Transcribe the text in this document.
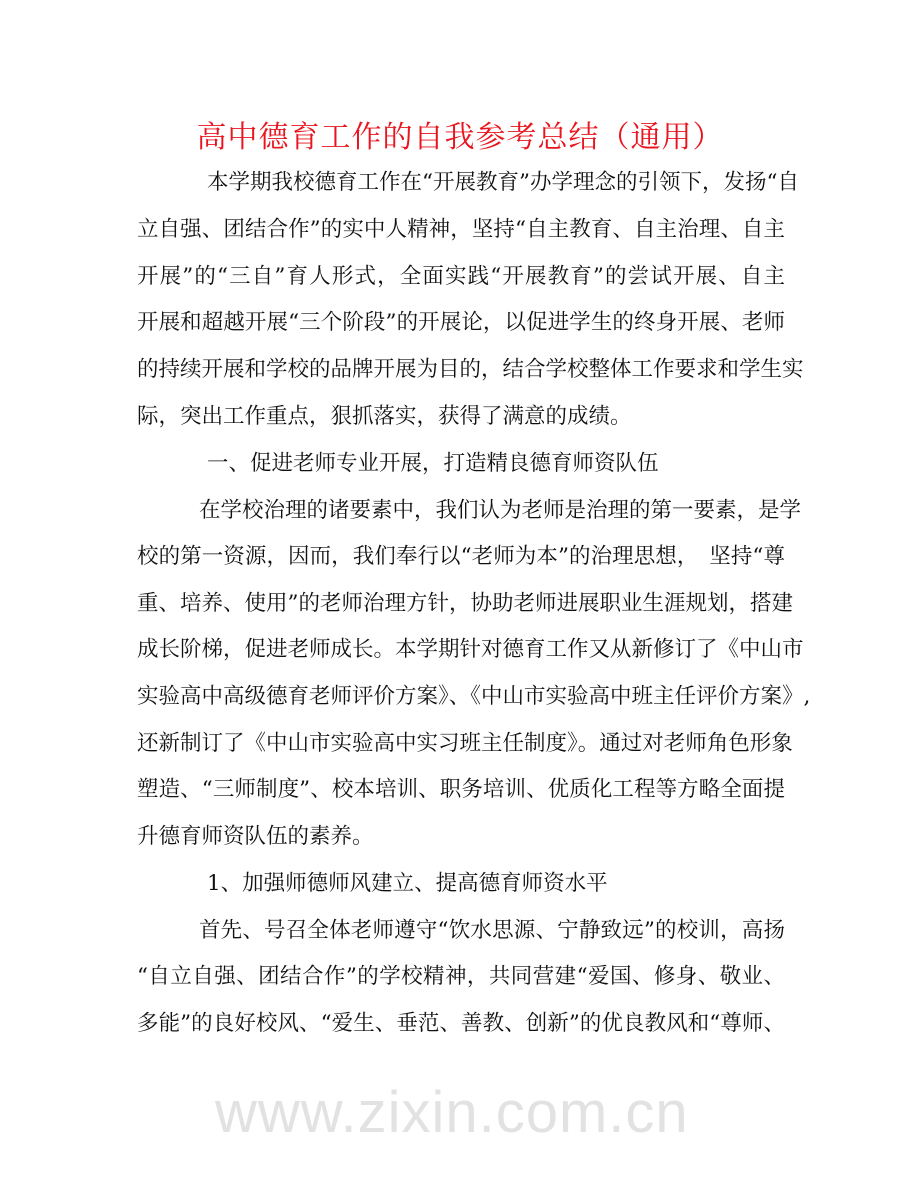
高中德育工作的自我参考总结（通用）
本学期我校德育工作在“开展教育”办学理念的引领下，发扬“自
立自强、团结合作”的实中人精神，坚持“自主教育、自主治理、自主
开展”的“三自”育人形式，全面实践“开展教育”的尝试开展、自主
开展和超越开展“三个阶段”的开展论，以促进学生的终身开展、老师
的持续开展和学校的品牌开展为目的，结合学校整体工作要求和学生实
际，突出工作重点，狠抓落实，获得了满意的成绩。
一、促进老师专业开展，打造精良德育师资队伍
在学校治理的诸要素中，我们认为老师是治理的第一要素，是学
校的第一资源，因而，我们奉行以“老师为本”的治理思想，　坚持“尊
重、培养、使用”的老师治理方针，协助老师进展职业生涯规划，搭建
成长阶梯，促进老师成长。本学期针对德育工作又从新修订了《中山市
实验高中高级德育老师评价方案》、《中山市实验高中班主任评价方案》,
还新制订了《中山市实验高中实习班主任制度》。通过对老师角色形象
塑造、“三师制度”、校本培训、职务培训、优质化工程等方略全面提
升德育师资队伍的素养。
1、加强师德师风建立、提高德育师资水平
首先、号召全体老师遵守“饮水思源、宁静致远”的校训，高扬
“自立自强、团结合作”的学校精神，共同营建“爱国、修身、敬业、
多能”的良好校风、“爱生、垂范、善教、创新”的优良教风和“尊师、
www.zixin.com.cn
